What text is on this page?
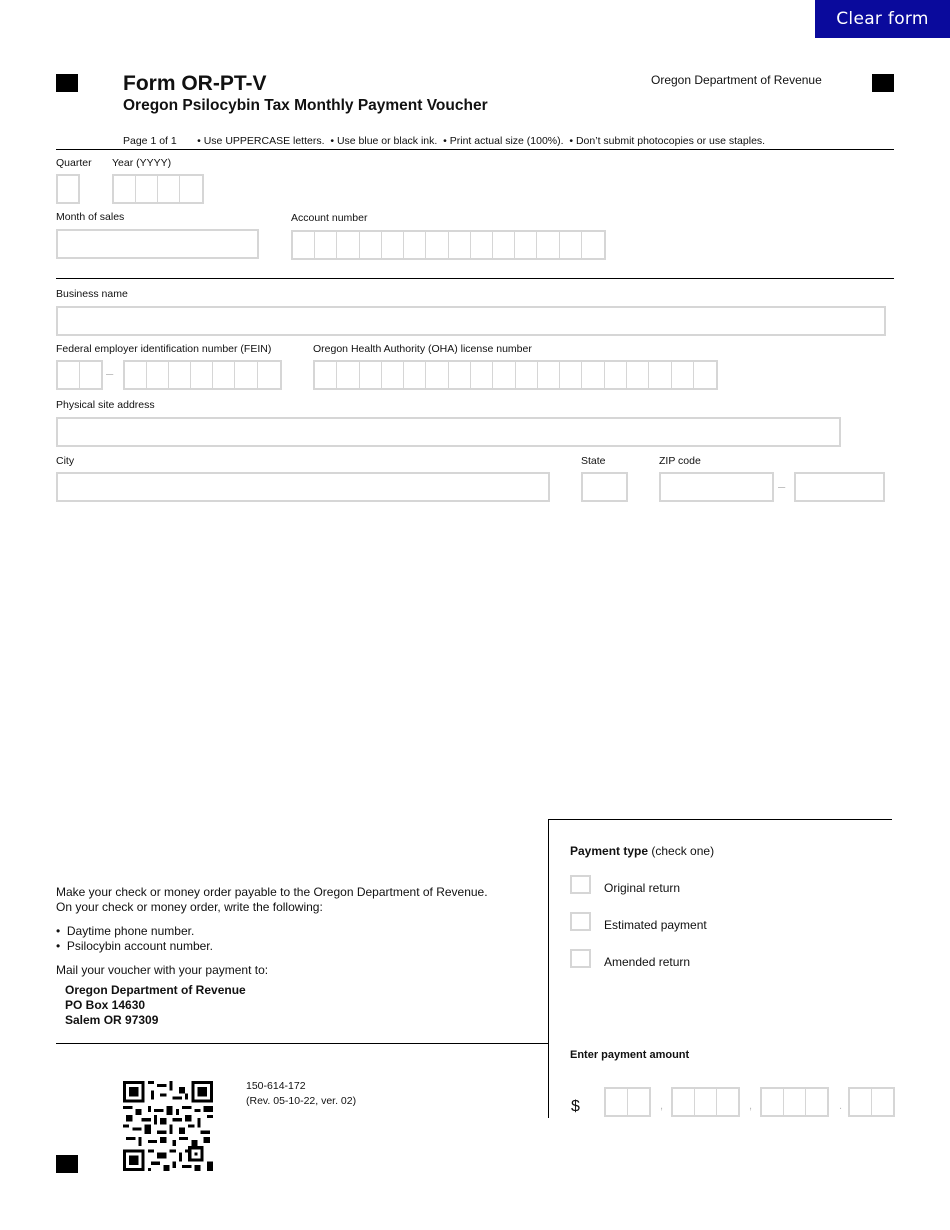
Clear form
Form OR-PT-V
Oregon Psilocybin Tax Monthly Payment Voucher
Oregon Department of Revenue
Page 1 of 1       • Use UPPERCASE letters.  • Use blue or black ink.  • Print actual size (100%).  • Don’t submit photocopies or use staples.
Quarter Year (YYYY)
Month of sales	Account number
Business name
Federal employer identification number (FEIN)	Oregon Health Authority (OHA) license number
–
Physical site address
City	State	ZIP code
–
Payment type (check one)
Original return
Estimated payment
Amended return
Enter payment amount
$	,	,	.
Make your check or money order payable to the Oregon Department of Revenue.
On your check or money order, write the following:
•  Daytime phone number.
•  Psilocybin account number.
Mail your voucher with your payment to:
Oregon Department of Revenue
PO Box 14630
Salem OR 97309
150-614-172
(Rev. 05-10-22, ver. 02)
